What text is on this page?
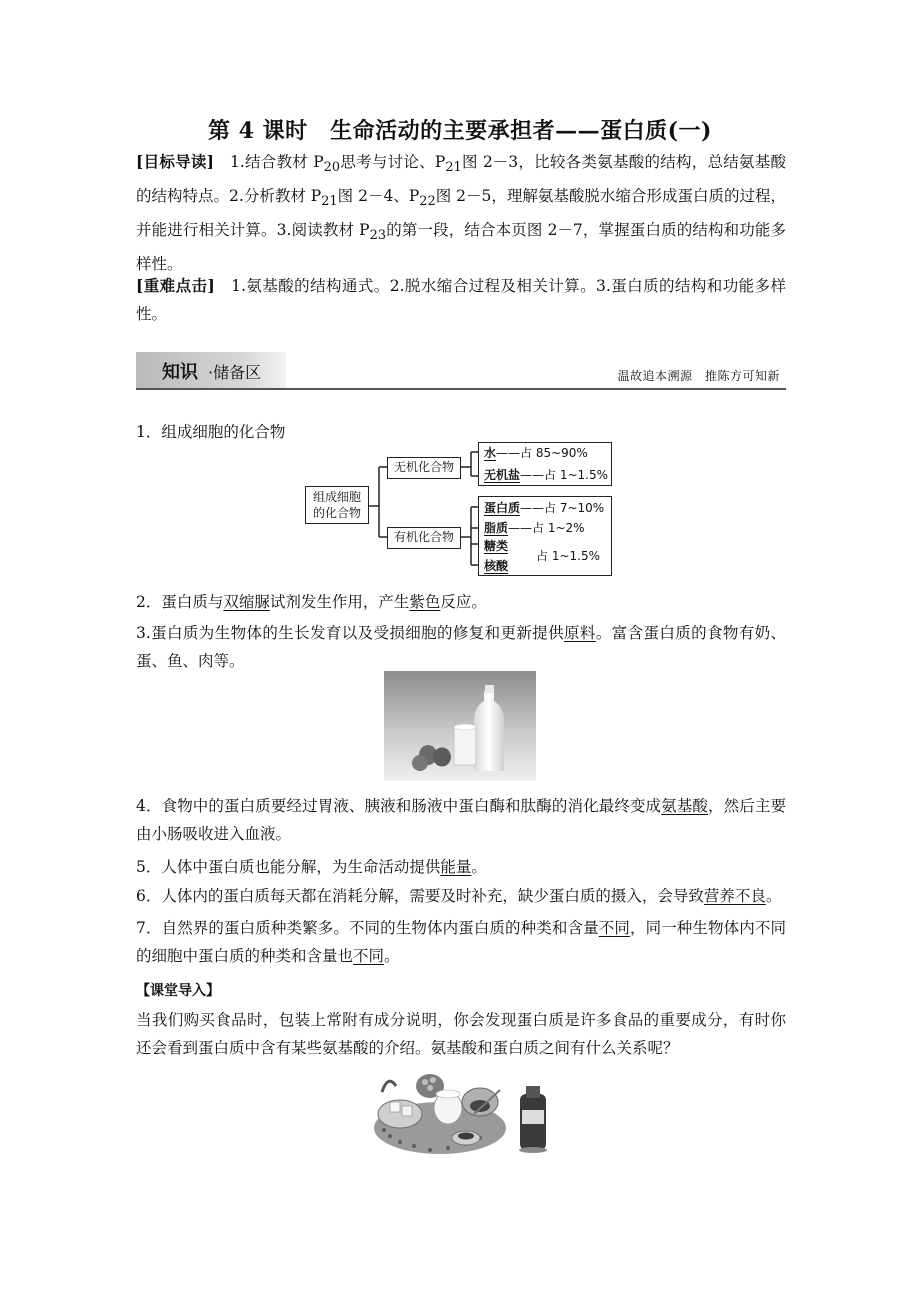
第 4 课时　生命活动的主要承担者——蛋白质(一)
[目标导读]　 1.结合教材 $P_{20}$思考与讨论、$P_{21}$图 2－3，比较各类氨基酸的结构，总结氨基酸的结构特点。2.分析教材 $P_{21}$图 2－4、$P_{22}$图 2－5，理解氨基酸脱水缩合形成蛋白质的过程，并能进行相关计算。3.阅读教材 $P_{23}$的第一段，结合本页图 2－7，掌握蛋白质的结构和功能多样性。
[重难点击]　 1.氨基酸的结构通式。2.脱水缩合过程及相关计算。3.蛋白质的结构和功能多样性。
知识 ·储备区	温故追本溯源　推陈方可知新
1．组成细胞的化合物
组成细胞
的化合物
无机化合物
有机化合物
水——占 85~90%
无机盐——占 1~1.5%
蛋白质——占 7~10%
脂质——占 1~2%
糖类
核酸
占 1~1.5%
2．蛋白质与双缩脲试剂发生作用，产生紫色反应。
3.蛋白质为生物体的生长发育以及受损细胞的修复和更新提供原料。富含蛋白质的食物有奶、蛋、鱼、肉等。
4．食物中的蛋白质要经过胃液、胰液和肠液中蛋白酶和肽酶的消化最终变成氨基酸，然后主要由小肠吸收进入血液。
5．人体中蛋白质也能分解，为生命活动提供能量。
6．人体内的蛋白质每天都在消耗分解，需要及时补充，缺少蛋白质的摄入，会导致营养不良。
7．自然界的蛋白质种类繁多。不同的生物体内蛋白质的种类和含量不同，同一种生物体内不同的细胞中蛋白质的种类和含量也不同。
【课堂导入】
当我们购买食品时，包装上常附有成分说明，你会发现蛋白质是许多食品的重要成分，有时你还会看到蛋白质中含有某些氨基酸的介绍。氨基酸和蛋白质之间有什么关系呢？
